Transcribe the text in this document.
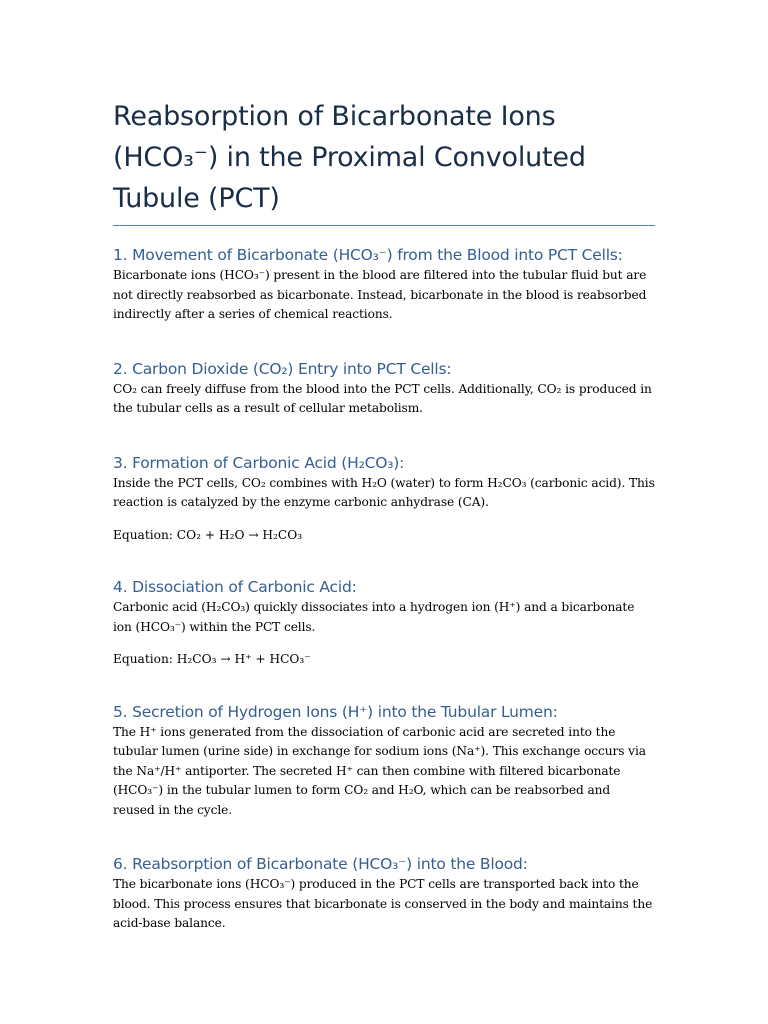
Reabsorption of Bicarbonate Ions (HCO₃⁻) in the Proximal Convoluted Tubule (PCT)
1. Movement of Bicarbonate (HCO₃⁻) from the Blood into PCT Cells:

Bicarbonate ions (HCO₃⁻) present in the blood are filtered into the tubular fluid but are not directly reabsorbed as bicarbonate. Instead, bicarbonate in the blood is reabsorbed indirectly after a series of chemical reactions.

2. Carbon Dioxide (CO₂) Entry into PCT Cells:

CO₂ can freely diffuse from the blood into the PCT cells. Additionally, CO₂ is produced in the tubular cells as a result of cellular metabolism.

3. Formation of Carbonic Acid (H₂CO₃):

Inside the PCT cells, CO₂ combines with H₂O (water) to form H₂CO₃ (carbonic acid). This reaction is catalyzed by the enzyme carbonic anhydrase (CA).

Equation: CO₂ + H₂O → H₂CO₃

4. Dissociation of Carbonic Acid:

Carbonic acid (H₂CO₃) quickly dissociates into a hydrogen ion (H⁺) and a bicarbonate ion (HCO₃⁻) within the PCT cells.

Equation: H₂CO₃ → H⁺ + HCO₃⁻

5. Secretion of Hydrogen Ions (H⁺) into the Tubular Lumen:

The H⁺ ions generated from the dissociation of carbonic acid are secreted into the tubular lumen (urine side) in exchange for sodium ions (Na⁺). This exchange occurs via the Na⁺/H⁺ antiporter. The secreted H⁺ can then combine with filtered bicarbonate (HCO₃⁻) in the tubular lumen to form CO₂ and H₂O, which can be reabsorbed and reused in the cycle.

6. Reabsorption of Bicarbonate (HCO₃⁻) into the Blood:

The bicarbonate ions (HCO₃⁻) produced in the PCT cells are transported back into the blood. This process ensures that bicarbonate is conserved in the body and maintains the acid-base balance.
